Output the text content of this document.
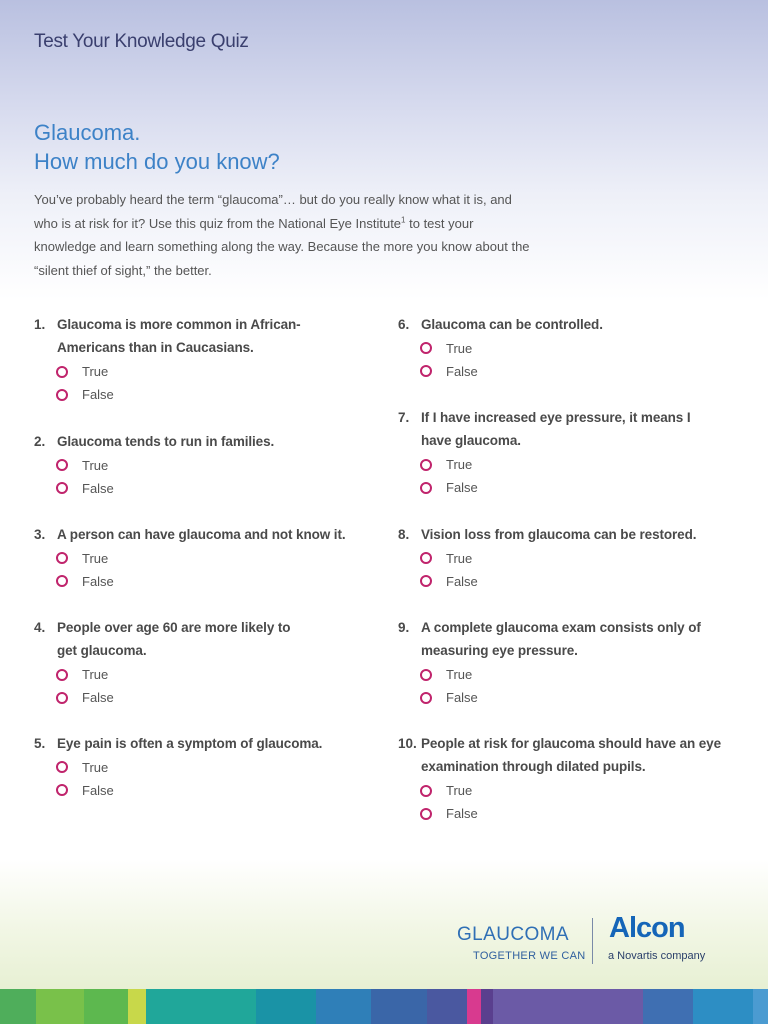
Test Your Knowledge Quiz
Glaucoma.
How much do you know?

You’ve probably heard the term “glaucoma”… but do you really know what it is, and who is at risk for it? Use this quiz from the National Eye Institute$^1$ to test your knowledge and learn something along the way. Because the more you know about the “silent thief of sight,” the better.

1. Glaucoma is more common in African-Americans than in Caucasians.
True
False
2. Glaucoma tends to run in families.
True
False
3. A person can have glaucoma and not know it.
True
False
4. People over age 60 are more likely to get glaucoma.
True
False
5. Eye pain is often a symptom of glaucoma.
True
False
6. Glaucoma can be controlled.
True
False
7. If I have increased eye pressure, it means I have glaucoma.
True
False
8. Vision loss from glaucoma can be restored.
True
False
9. A complete glaucoma exam consists only of measuring eye pressure.
True
False
10. People at risk for glaucoma should have an eye examination through dilated pupils.
True
False
GLAUCOMA
TOGETHER WE CAN
Alcon
a Novartis company
